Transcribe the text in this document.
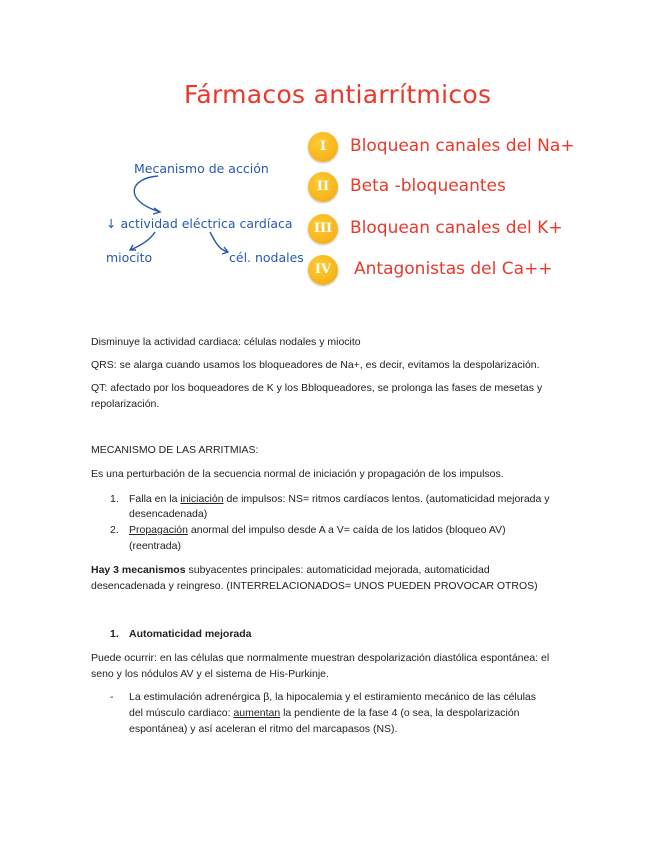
Fármacos antiarrítmicos
Mecanismo de acción
↓ actividad eléctrica cardíaca
miocito	cél. nodales
I	Bloquean canales del Na+
II	Beta -bloqueantes
III	Bloquean canales del K+
IV	Antagonistas del Ca++
Disminuye la actividad cardiaca: células nodales y miocito
QRS: se alarga cuando usamos los bloqueadores de Na+, es decir, evitamos la despolarización.
QT: afectado por los boqueadores de K y los Bbloqueadores, se prolonga las fases de mesetas y
repolarización.
MECANISMO DE LAS ARRITMIAS:
Es una perturbación de la secuencia normal de iniciación y propagación de los impulsos.
1. Falla en la iniciación de impulsos: NS= ritmos cardíacos lentos. (automaticidad mejorada y
desencadenada)
2. Propagación anormal del impulso desde A a V= caída de los latidos (bloqueo AV)
(reentrada)
Hay 3 mecanismos subyacentes principales: automaticidad mejorada, automaticidad
desencadenada y reingreso. (INTERRELACIONADOS= UNOS PUEDEN PROVOCAR OTROS)
1. Automaticidad mejorada
Puede ocurrir: en las células que normalmente muestran despolarización diastólica espontánea: el
seno y los nódulos AV y el sistema de His-Purkinje.
- La estimulación adrenérgica β, la hipocalemia y el estiramiento mecánico de las células
del músculo cardiaco: aumentan la pendiente de la fase 4 (o sea, la despolarización
espontánea) y así aceleran el ritmo del marcapasos (NS).
